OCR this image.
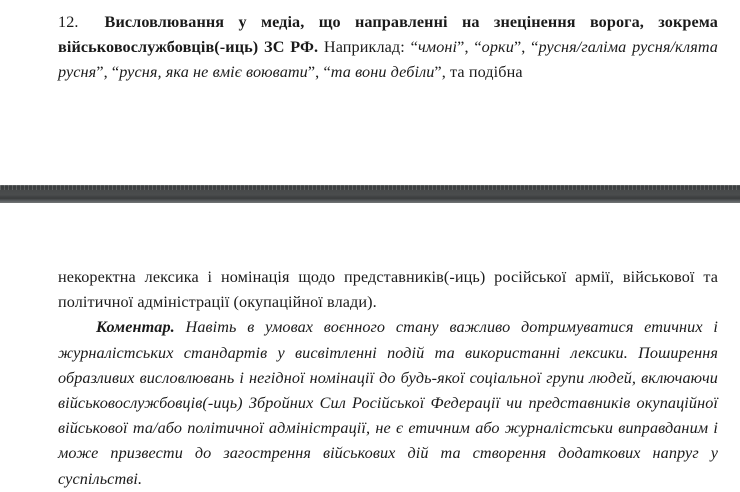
12. Висловлювання у медіа, що направленні на знецінення ворога, зокрема військовослужбовців(-иць) ЗС РФ. Наприклад: “чмоні”, “орки”, “русня/галіма русня/клята русня”, “русня, яка не вміє воювати”, “та вони дебіли”, та подібна

некоректна лексика і номінація щодо представників(-иць) російської армії, військової та політичної адміністрації (окупаційної влади).

Коментар. Навіть в умовах воєнного стану важливо дотримуватися етичних і журналістських стандартів у висвітленні подій та використанні лексики. Поширення образливих висловлювань і негідної номінації до будь-якої соціальної групи людей, включаючи військовослужбовців(-иць) Збройних Сил Російської Федерації чи представників окупаційної військової та/або політичної адміністрації, не є етичним або журналістськи виправданим і може призвести до загострення військових дій та створення додаткових напруг у суспільстві.
